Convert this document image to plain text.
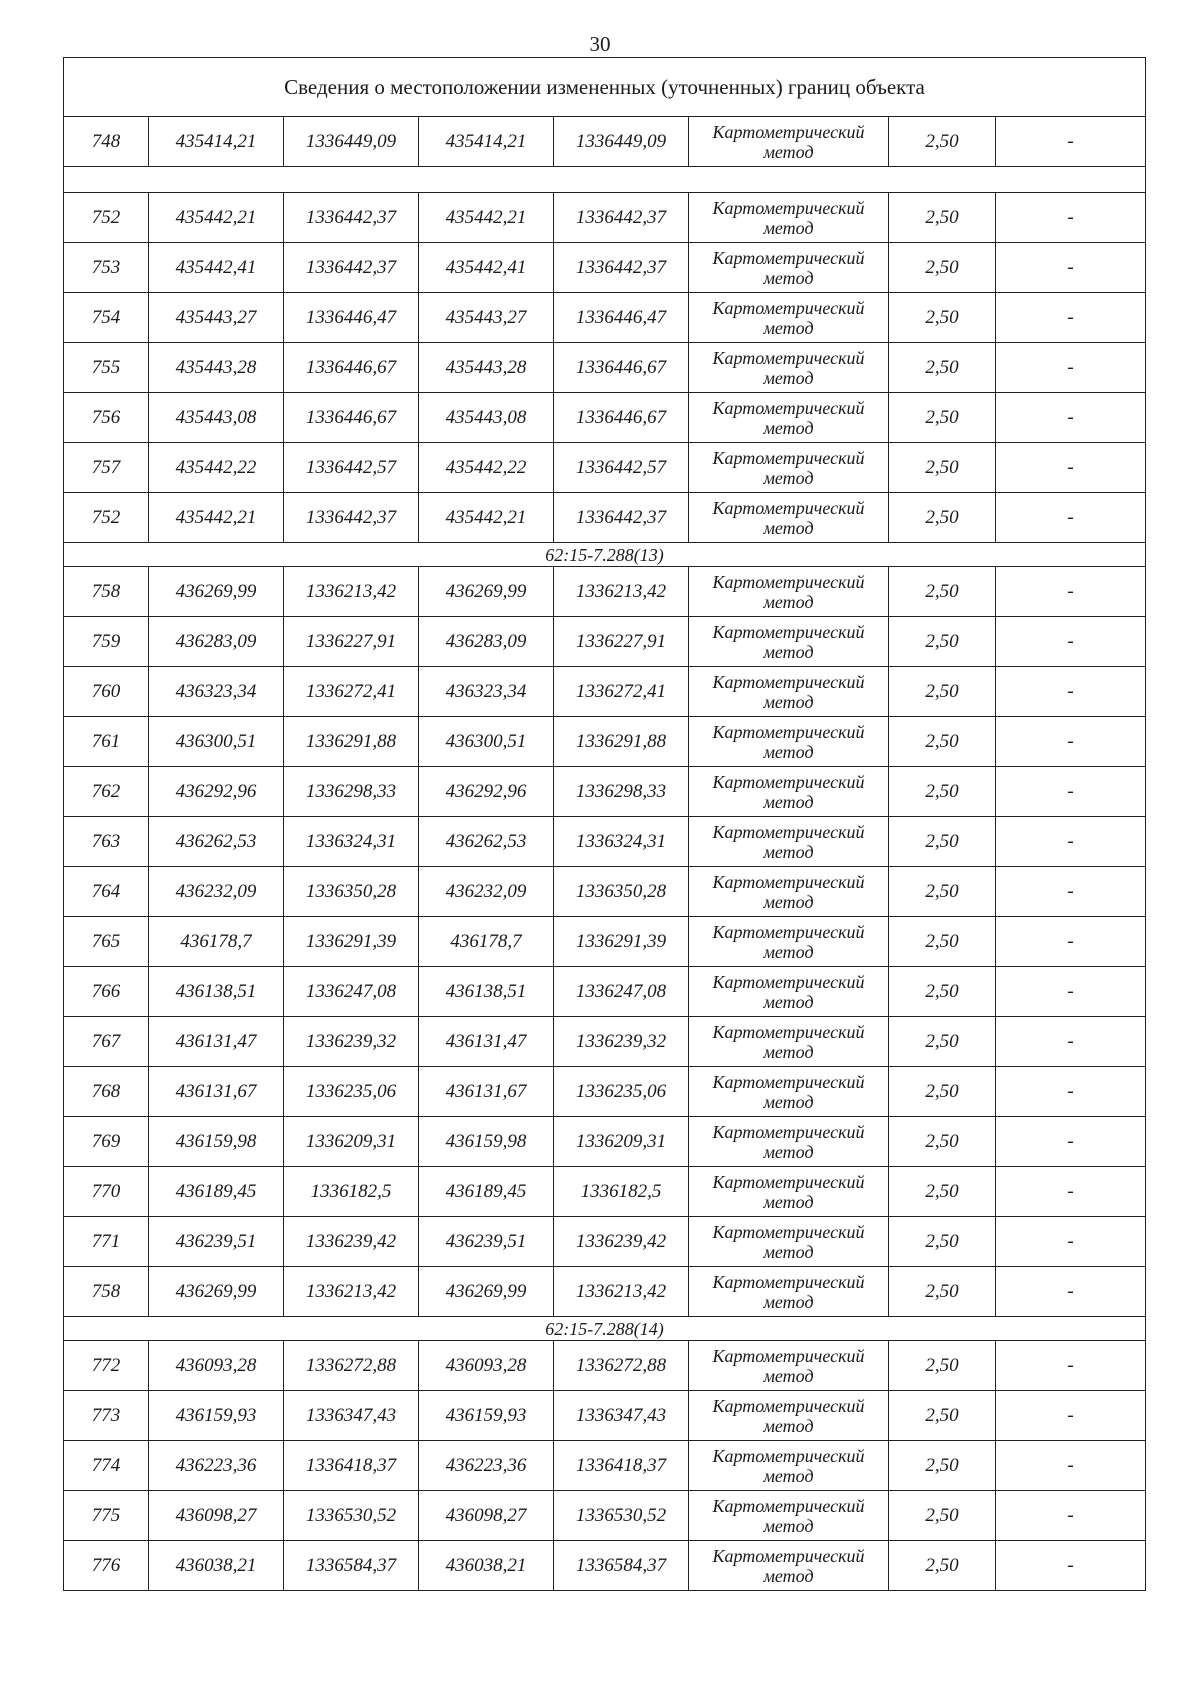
30
Сведения о местоположении измененных (уточненных) границ объекта							
748	435414,21	1336449,09	435414,21	1336449,09	Картометрический метод	2,50	-

752	435442,21	1336442,37	435442,21	1336442,37	Картометрический метод	2,50	-
753	435442,41	1336442,37	435442,41	1336442,37	Картометрический метод	2,50	-
754	435443,27	1336446,47	435443,27	1336446,47	Картометрический метод	2,50	-
755	435443,28	1336446,67	435443,28	1336446,67	Картометрический метод	2,50	-
756	435443,08	1336446,67	435443,08	1336446,67	Картометрический метод	2,50	-
757	435442,22	1336442,57	435442,22	1336442,57	Картометрический метод	2,50	-
752	435442,21	1336442,37	435442,21	1336442,37	Картометрический метод	2,50	-
62:15-7.288(13)							
758	436269,99	1336213,42	436269,99	1336213,42	Картометрический метод	2,50	-
759	436283,09	1336227,91	436283,09	1336227,91	Картометрический метод	2,50	-
760	436323,34	1336272,41	436323,34	1336272,41	Картометрический метод	2,50	-
761	436300,51	1336291,88	436300,51	1336291,88	Картометрический метод	2,50	-
762	436292,96	1336298,33	436292,96	1336298,33	Картометрический метод	2,50	-
763	436262,53	1336324,31	436262,53	1336324,31	Картометрический метод	2,50	-
764	436232,09	1336350,28	436232,09	1336350,28	Картометрический метод	2,50	-
765	436178,7	1336291,39	436178,7	1336291,39	Картометрический метод	2,50	-
766	436138,51	1336247,08	436138,51	1336247,08	Картометрический метод	2,50	-
767	436131,47	1336239,32	436131,47	1336239,32	Картометрический метод	2,50	-
768	436131,67	1336235,06	436131,67	1336235,06	Картометрический метод	2,50	-
769	436159,98	1336209,31	436159,98	1336209,31	Картометрический метод	2,50	-
770	436189,45	1336182,5	436189,45	1336182,5	Картометрический метод	2,50	-
771	436239,51	1336239,42	436239,51	1336239,42	Картометрический метод	2,50	-
758	436269,99	1336213,42	436269,99	1336213,42	Картометрический метод	2,50	-
62:15-7.288(14)							
772	436093,28	1336272,88	436093,28	1336272,88	Картометрический метод	2,50	-
773	436159,93	1336347,43	436159,93	1336347,43	Картометрический метод	2,50	-
774	436223,36	1336418,37	436223,36	1336418,37	Картометрический метод	2,50	-
775	436098,27	1336530,52	436098,27	1336530,52	Картометрический метод	2,50	-
776	436038,21	1336584,37	436038,21	1336584,37	Картометрический метод	2,50	-
